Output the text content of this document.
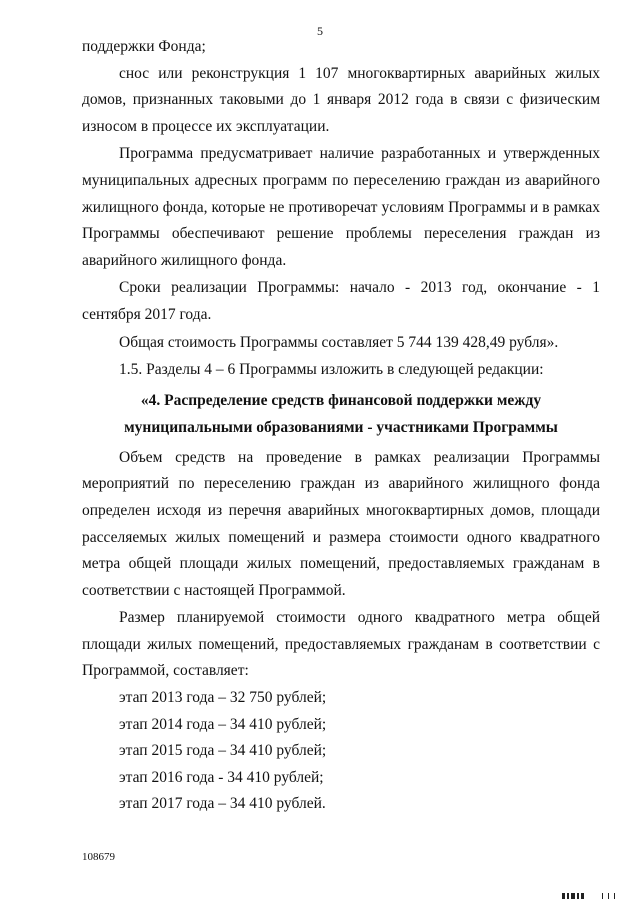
5

поддержки Фонда;

снос или реконструкция 1 107 многоквартирных аварийных жилых домов, признанных таковыми до 1 января 2012 года в связи с физическим износом в процессе их эксплуатации.

Программа предусматривает наличие разработанных и утвержденных муниципальных адресных программ по переселению граждан из аварийного жилищного фонда, которые не противоречат условиям Программы и в рамках Программы обеспечивают решение проблемы переселения граждан из аварийного жилищного фонда.

Сроки реализации Программы: начало - 2013 год, окончание - 1 сентября 2017 года.

Общая стоимость Программы составляет 5 744 139 428,49 рубля».

1.5. Разделы 4 – 6 Программы изложить в следующей редакции:

«4. Распределение средств финансовой поддержки между муниципальными образованиями - участниками Программы

Объем средств на проведение в рамках реализации Программы мероприятий по переселению граждан из аварийного жилищного фонда определен исходя из перечня аварийных многоквартирных домов, площади расселяемых жилых помещений и размера стоимости одного квадратного метра общей площади жилых помещений, предоставляемых гражданам в соответствии с настоящей Программой.

Размер планируемой стоимости одного квадратного метра общей площади жилых помещений, предоставляемых гражданам в соответствии с Программой, составляет:

этап 2013 года – 32 750 рублей;
этап 2014 года – 34 410 рублей;
этап 2015 года – 34 410 рублей;
этап 2016 года - 34 410 рублей;
этап 2017 года – 34 410 рублей.
108679
